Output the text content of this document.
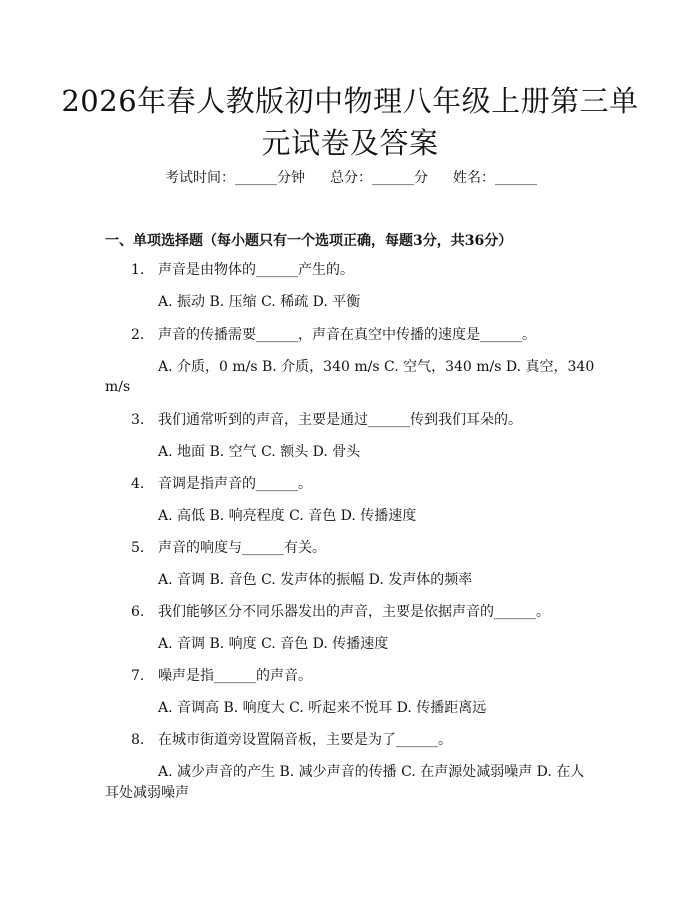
2026年春人教版初中物理八年级上册第三单
元试卷及答案
考试时间：______分钟 总分：______分 姓名：______
一、单项选择题（每小题只有一个选项正确，每题3分，共36分）
1. 声音是由物体的______产生的。
A. 振动 B. 压缩 C. 稀疏 D. 平衡
2. 声音的传播需要______，声音在真空中传播的速度是______。
A. 介质，0 m/s B. 介质，340 m/s C. 空气，340 m/s D. 真空，340
m/s
3. 我们通常听到的声音，主要是通过______传到我们耳朵的。
A. 地面 B. 空气 C. 额头 D. 骨头
4. 音调是指声音的______。
A. 高低 B. 响亮程度 C. 音色 D. 传播速度
5. 声音的响度与______有关。
A. 音调 B. 音色 C. 发声体的振幅 D. 发声体的频率
6. 我们能够区分不同乐器发出的声音，主要是依据声音的______。
A. 音调 B. 响度 C. 音色 D. 传播速度
7. 噪声是指______的声音。
A. 音调高 B. 响度大 C. 听起来不悦耳 D. 传播距离远
8. 在城市街道旁设置隔音板，主要是为了______。
A. 减少声音的产生 B. 减少声音的传播 C. 在声源处减弱噪声 D. 在人
耳处减弱噪声
